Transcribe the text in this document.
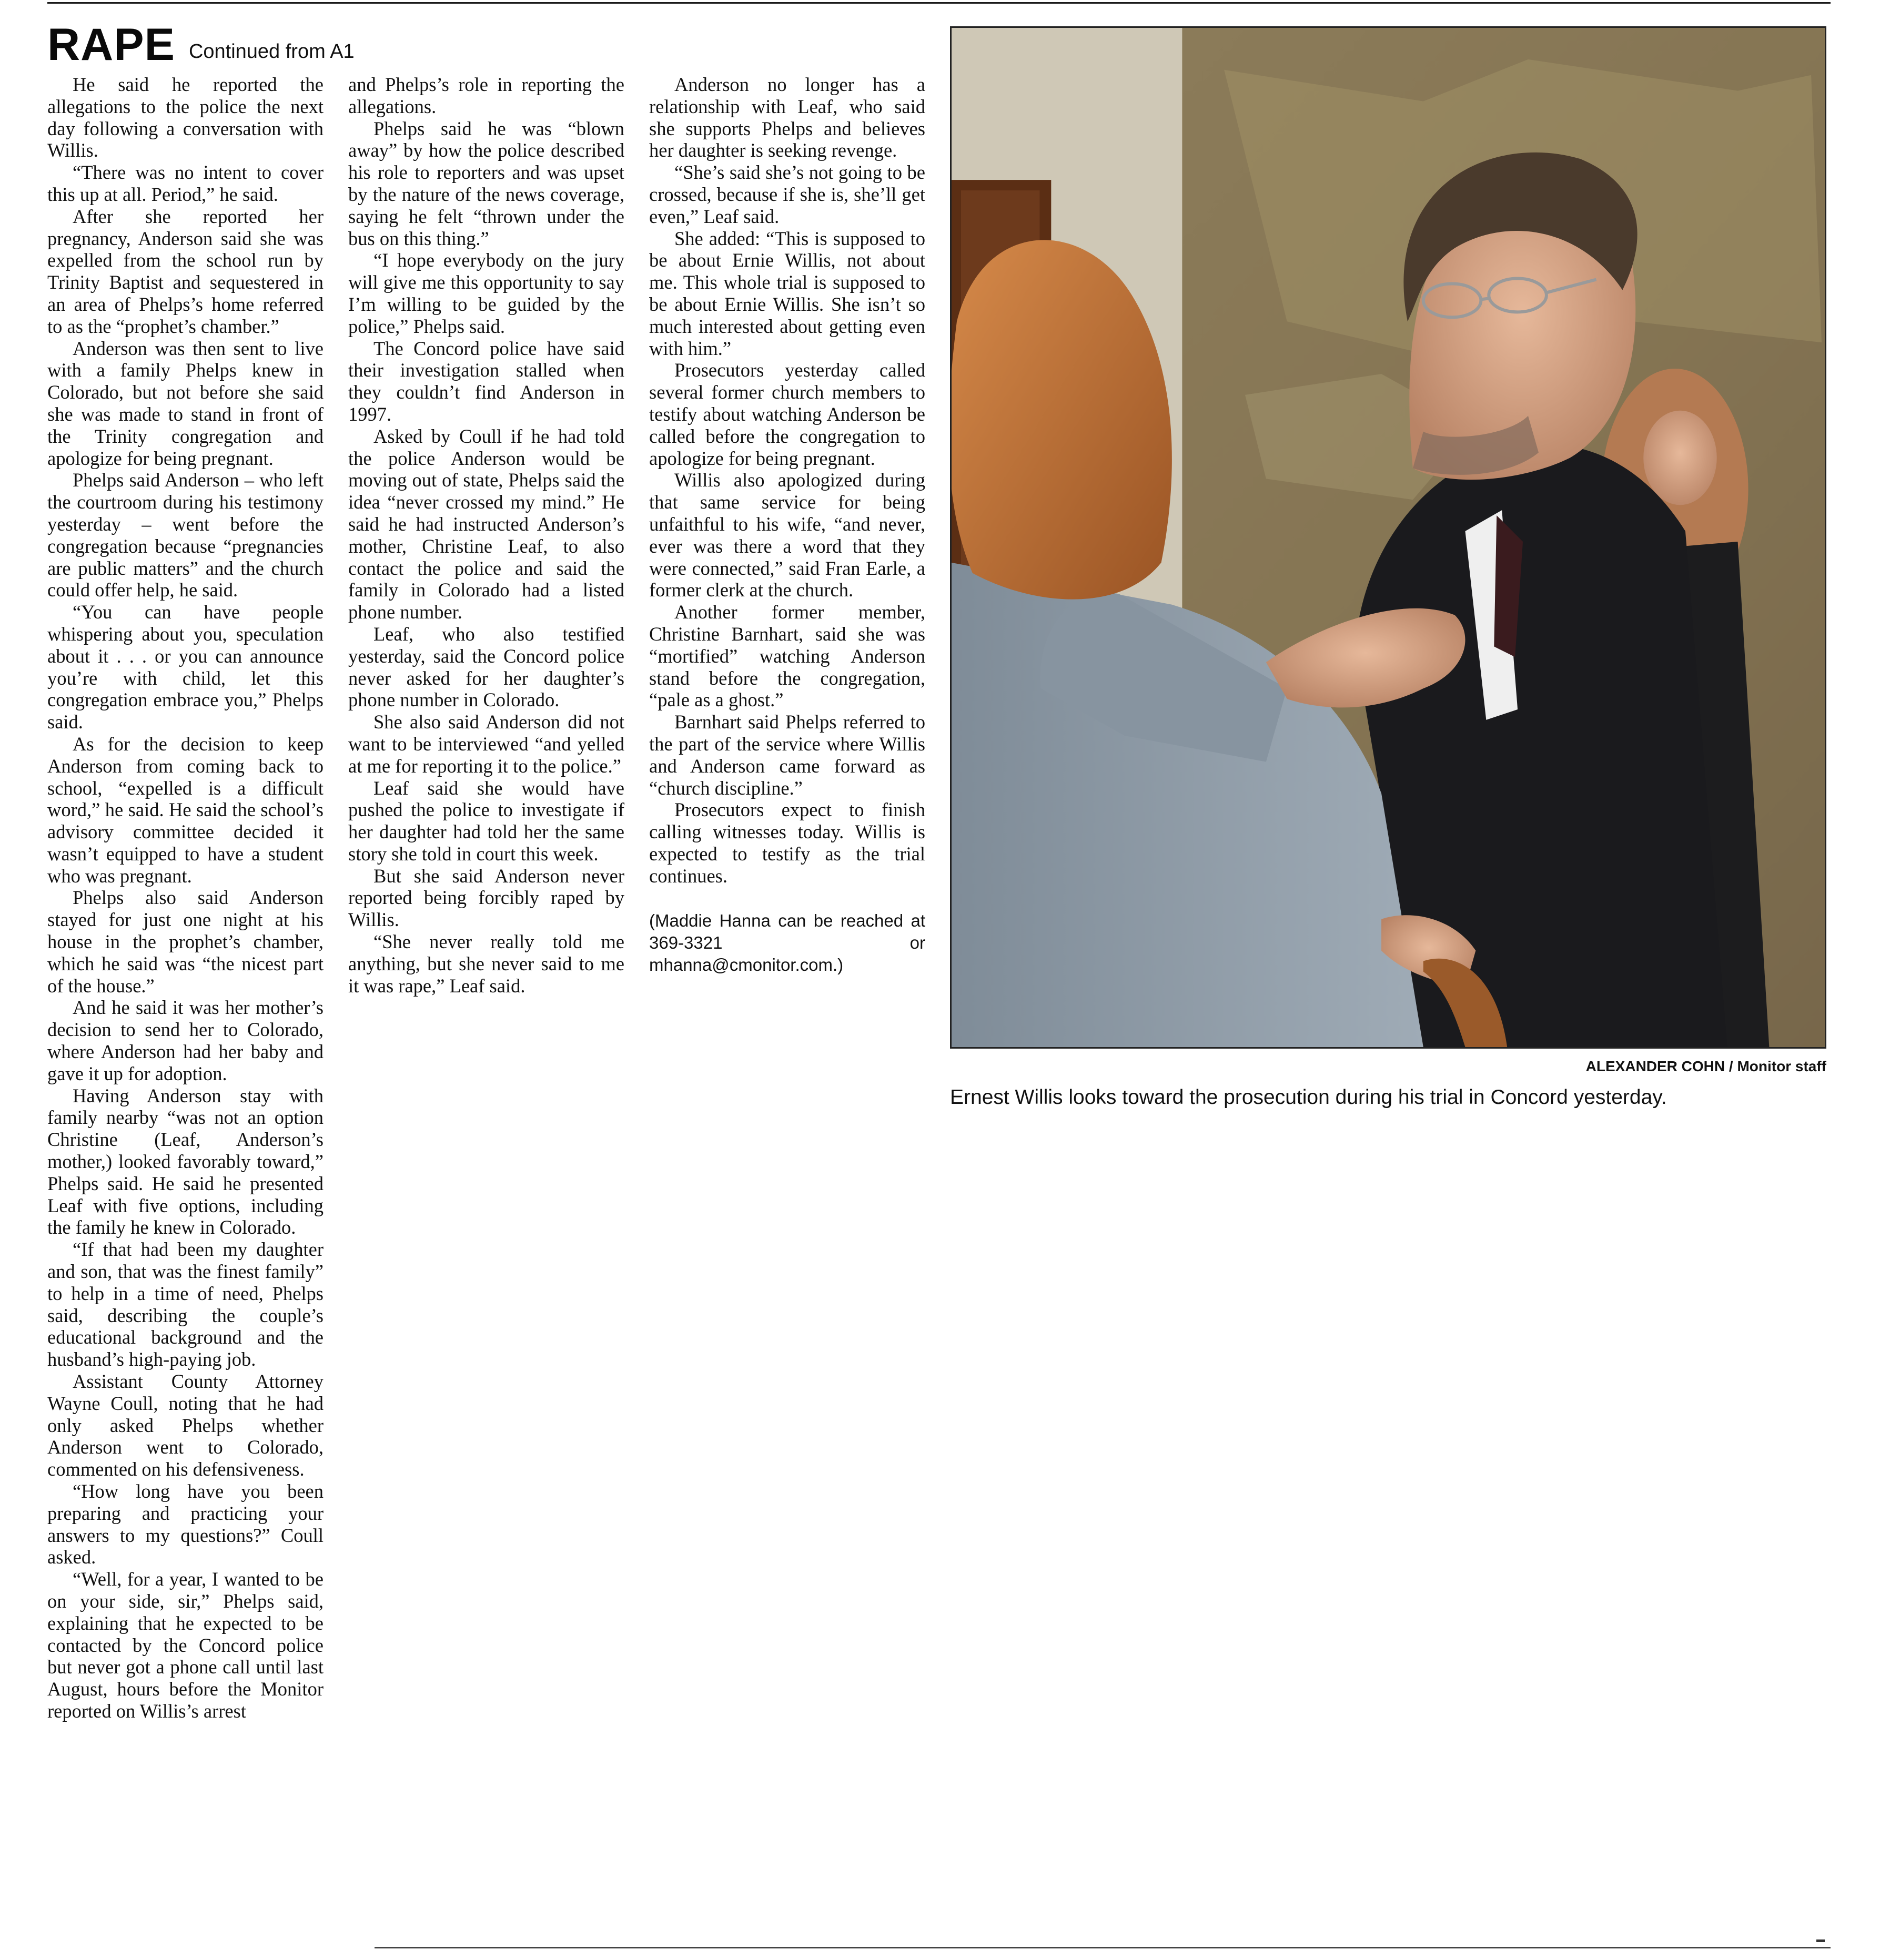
RAPE Continued from A1

He said he reported the allegations to the police the next day following a conversation with Willis.

“There was no intent to cover this up at all. Period,” he said.

After she reported her pregnancy, Anderson said she was expelled from the school run by Trinity Baptist and sequestered in an area of Phelps’s home referred to as the “prophet’s chamber.”

Anderson was then sent to live with a family Phelps knew in Colorado, but not before she said she was made to stand in front of the Trinity congregation and apologize for being pregnant.

Phelps said Anderson – who left the courtroom during his testimony yesterday – went before the congregation because “pregnancies are public matters” and the church could offer help, he said.

“You can have people whispering about you, speculation about it . . . or you can announce you’re with child, let this congregation embrace you,” Phelps said.

As for the decision to keep Anderson from coming back to school, “expelled is a difficult word,” he said. He said the school’s advisory committee decided it wasn’t equipped to have a student who was pregnant.

Phelps also said Anderson stayed for just one night at his house in the prophet’s chamber, which he said was “the nicest part of the house.”

And he said it was her mother’s decision to send her to Colorado, where Anderson had her baby and gave it up for adoption.

Having Anderson stay with family nearby “was not an option Christine (Leaf, Anderson’s mother,) looked favorably toward,” Phelps said. He said he presented Leaf with five options, including the family he knew in Colorado.

“If that had been my daughter and son, that was the finest family” to help in a time of need, Phelps said, describing the couple’s educational background and the husband’s high-paying job.

Assistant County Attorney Wayne Coull, noting that he had only asked Phelps whether Anderson went to Colorado, commented on his defensiveness.

“How long have you been preparing and practicing your answers to my questions?” Coull asked.

“Well, for a year, I wanted to be on your side, sir,” Phelps said, explaining that he expected to be contacted by the Concord police but never got a phone call until last August, hours before the Monitor reported on Willis’s arrest

and Phelps’s role in reporting the allegations.

Phelps said he was “blown away” by how the police described his role to reporters and was upset by the nature of the news coverage, saying he felt “thrown under the bus on this thing.”

“I hope everybody on the jury will give me this opportunity to say I’m willing to be guided by the police,” Phelps said.

The Concord police have said their investigation stalled when they couldn’t find Anderson in 1997.

Asked by Coull if he had told the police Anderson would be moving out of state, Phelps said the idea “never crossed my mind.” He said he had instructed Anderson’s mother, Christine Leaf, to also contact the police and said the family in Colorado had a listed phone number.

Leaf, who also testified yesterday, said the Concord police never asked for her daughter’s phone number in Colorado.

She also said Anderson did not want to be interviewed “and yelled at me for reporting it to the police.”

Leaf said she would have pushed the police to investigate if her daughter had told her the same story she told in court this week.

But she said Anderson never reported being forcibly raped by Willis.

“She never really told me anything, but she never said to me it was rape,” Leaf said.

Anderson no longer has a relationship with Leaf, who said she supports Phelps and believes her daughter is seeking revenge.

“She’s said she’s not going to be crossed, because if she is, she’ll get even,” Leaf said.

She added: “This is supposed to be about Ernie Willis, not about me. This whole trial is supposed to be about Ernie Willis. She isn’t so much interested about getting even with him.”

Prosecutors yesterday called several former church members to testify about watching Anderson be called before the congregation to apologize for being pregnant.

Willis also apologized during that same service for being unfaithful to his wife, “and never, ever was there a word that they were connected,” said Fran Earle, a former clerk at the church.

Another former member, Christine Barnhart, said she was “mortified” watching Anderson stand before the congregation, “pale as a ghost.”

Barnhart said Phelps referred to the part of the service where Willis and Anderson came forward as “church discipline.”

Prosecutors expect to finish calling witnesses today. Willis is expected to testify as the trial continues.

(Maddie Hanna can be reached at 369-3321 or mhanna@cmonitor.com.)

ALEXANDER COHN / Monitor staff
Ernest Willis looks toward the prosecution during his trial in Concord yesterday.
